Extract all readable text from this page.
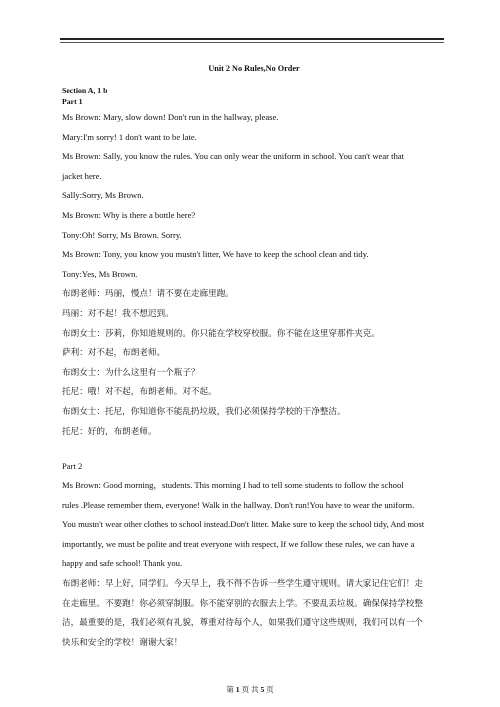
Unit 2 No Rules,No Order
Section A, 1 b
Part 1
Ms Brown: Mary, slow down! Don't run in the hallway, please.
Mary:I'm sorry! 1 don't want to be late.
Ms Brown: Sally, you know the rules. You can only wear the uniform in school. You can't wear that
jacket here.
Sally:Sorry, Ms Brown.
Ms Brown: Why is there a bottle here?
Tony:Oh! Sorry, Ms Brown. Sorry.
Ms Brown: Tony, you know you mustn't litter, We have to keep the school clean and tidy.
Tony:Yes, Ms Brown.
布朗老师：玛丽，慢点！请不要在走廊里跑。
玛丽：对不起！我不想迟到。
布朗女士：莎莉，你知道规则的。你只能在学校穿校服。你不能在这里穿那件夹克。
萨利：对不起，布朗老师。
布朗女士：为什么这里有一个瓶子？
托尼：哦！对不起，布朗老师。对不起。
布朗女士：托尼，你知道你不能乱扔垃圾，我们必须保持学校的干净整洁。
托尼：好的，布朗老师。
Part 2
Ms Brown: Good morning，students. This morning I had to tell some students to follow the school
rules .Please remember them, everyone! Walk in the hallway. Don't run!You have to wear the uniform.
You mustn't wear other clothes to school instead.Don't litter. Make sure to keep the school tidy, And most
importantly, we must be polite and treat everyone with respect, If we follow these rules, we can have a
happy and safe school! Thank you.
布朗老师：早上好，同学们。今天早上，我不得不告诉一些学生遵守规则。请大家记住它们！走
在走廊里。不要跑！你必须穿制服。你不能穿别的衣服去上学。不要乱丢垃圾。确保保持学校整
洁，最重要的是，我们必须有礼貌，尊重对待每个人，如果我们遵守这些规则，我们可以有一个
快乐和安全的学校！谢谢大家！
第 1 页 共 5 页
